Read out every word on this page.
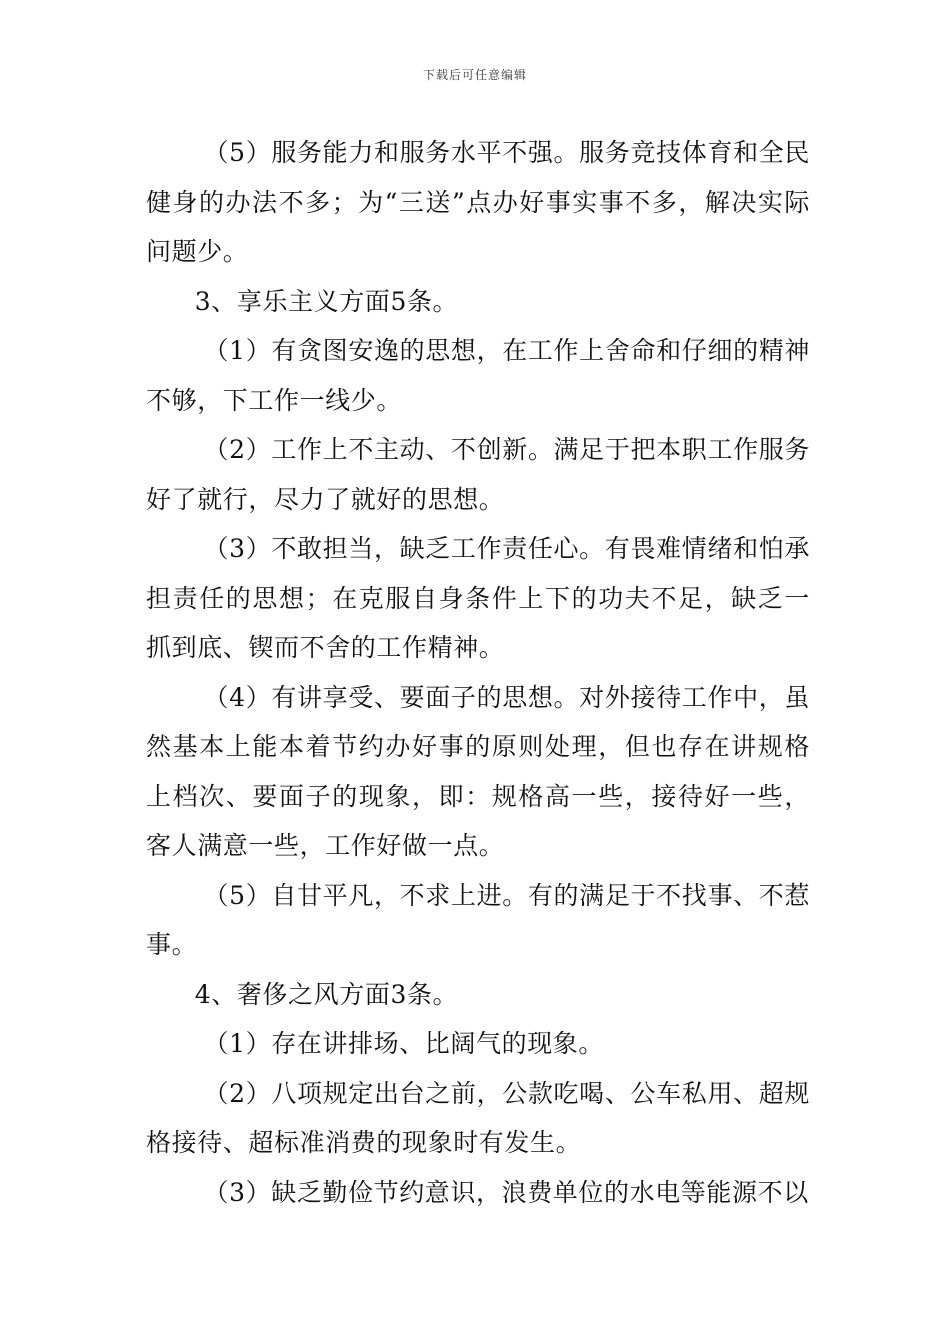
下载后可任意编辑

（5）服务能力和服务水平不强。服务竞技体育和全民健身的办法不多；为“三送”点办好事实事不多，解决实际问题少。

3、享乐主义方面5条。

（1）有贪图安逸的思想，在工作上舍命和仔细的精神不够，下工作一线少。

（2）工作上不主动、不创新。满足于把本职工作服务好了就行，尽力了就好的思想。

（3）不敢担当，缺乏工作责任心。有畏难情绪和怕承担责任的思想；在克服自身条件上下的功夫不足，缺乏一抓到底、锲而不舍的工作精神。

（4）有讲享受、要面子的思想。对外接待工作中，虽然基本上能本着节约办好事的原则处理，但也存在讲规格上档次、要面子的现象，即：规格高一些，接待好一些，客人满意一些，工作好做一点。

（5）自甘平凡，不求上进。有的满足于不找事、不惹事。

4、奢侈之风方面3条。

（1）存在讲排场、比阔气的现象。

（2）八项规定出台之前，公款吃喝、公车私用、超规格接待、超标准消费的现象时有发生。

（3）缺乏勤俭节约意识，浪费单位的水电等能源不以
